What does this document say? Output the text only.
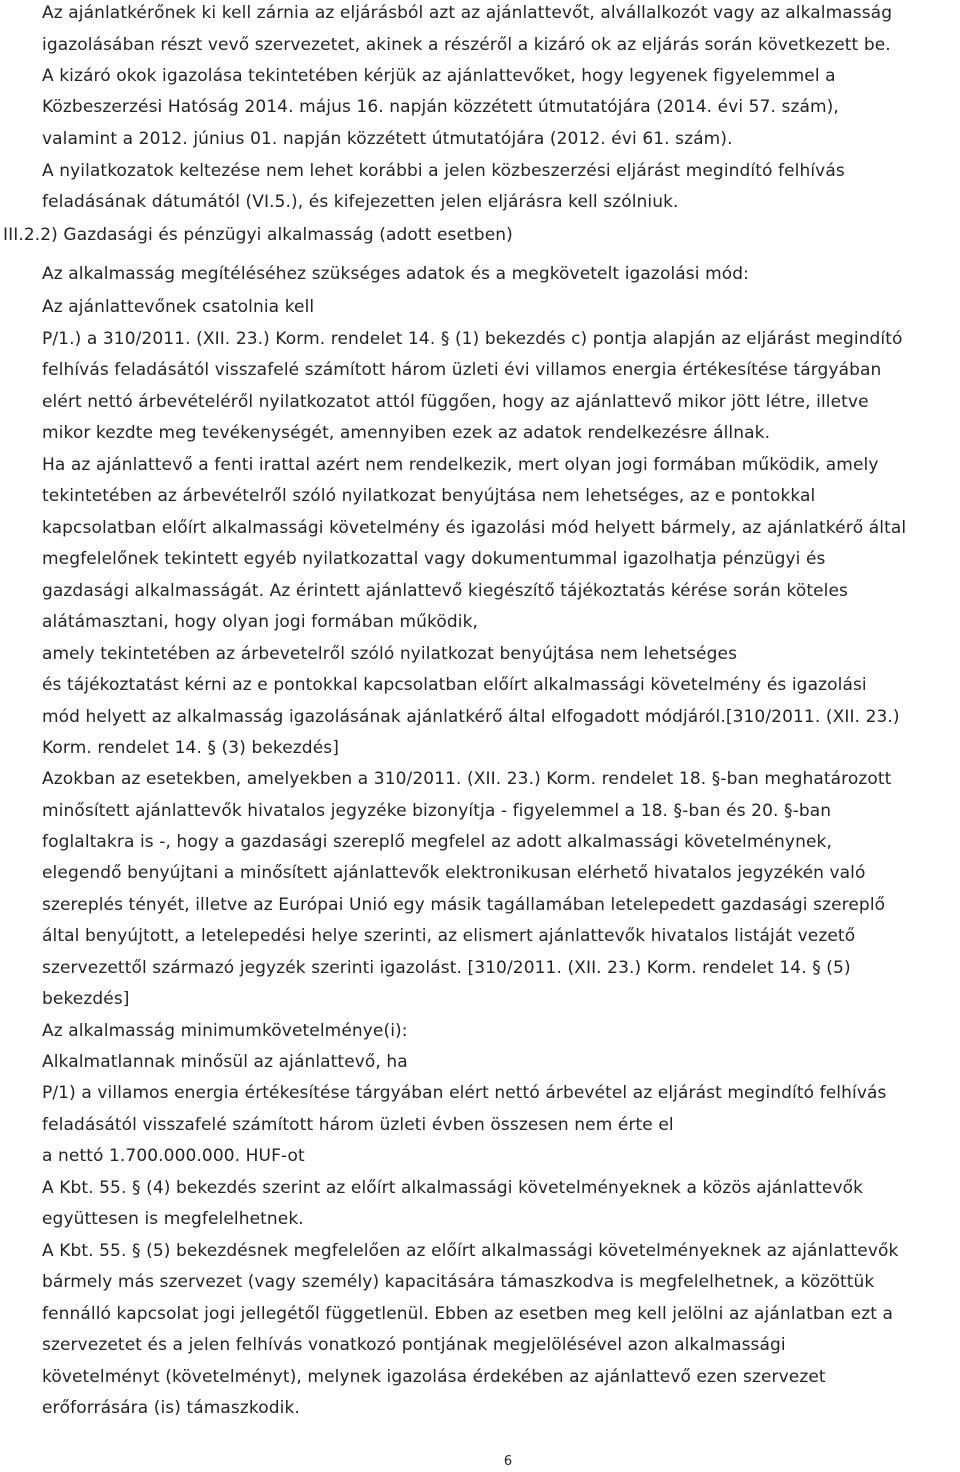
Az ajánlatkérőnek ki kell zárnia az eljárásból azt az ajánlattevőt, alvállalkozót vagy az alkalmasság
igazolásában részt vevő szervezetet, akinek a részéről a kizáró ok az eljárás során következett be.
A kizáró okok igazolása tekintetében kérjük az ajánlattevőket, hogy legyenek figyelemmel a
Közbeszerzési Hatóság 2014. május 16. napján közzétett útmutatójára (2014. évi 57. szám),
valamint a 2012. június 01. napján közzétett útmutatójára (2012. évi 61. szám).
A nyilatkozatok keltezése nem lehet korábbi a jelen közbeszerzési eljárást megindító felhívás
feladásának dátumától (VI.5.), és kifejezetten jelen eljárásra kell szólniuk.
III.2.2) Gazdasági és pénzügyi alkalmasság (adott esetben)
Az alkalmasság megítéléséhez szükséges adatok és a megkövetelt igazolási mód:
Az ajánlattevőnek csatolnia kell
P/1.) a 310/2011. (XII. 23.) Korm. rendelet 14. § (1) bekezdés c) pontja alapján az eljárást megindító
felhívás feladásától visszafelé számított három üzleti évi villamos energia értékesítése tárgyában
elért nettó árbevételéről nyilatkozatot attól függően, hogy az ajánlattevő mikor jött létre, illetve
mikor kezdte meg tevékenységét, amennyiben ezek az adatok rendelkezésre állnak.
Ha az ajánlattevő a fenti irattal azért nem rendelkezik, mert olyan jogi formában működik, amely
tekintetében az árbevételről szóló nyilatkozat benyújtása nem lehetséges, az e pontokkal
kapcsolatban előírt alkalmassági követelmény és igazolási mód helyett bármely, az ajánlatkérő által
megfelelőnek tekintett egyéb nyilatkozattal vagy dokumentummal igazolhatja pénzügyi és
gazdasági alkalmasságát. Az érintett ajánlattevő kiegészítő tájékoztatás kérése során köteles
alátámasztani, hogy olyan jogi formában működik,
amely tekintetében az árbevetelről szóló nyilatkozat benyújtása nem lehetséges
és tájékoztatást kérni az e pontokkal kapcsolatban előírt alkalmassági követelmény és igazolási
mód helyett az alkalmasság igazolásának ajánlatkérő által elfogadott módjáról.[310/2011. (XII. 23.)
Korm. rendelet 14. § (3) bekezdés]
Azokban az esetekben, amelyekben a 310/2011. (XII. 23.) Korm. rendelet 18. §-ban meghatározott
minősített ajánlattevők hivatalos jegyzéke bizonyítja - figyelemmel a 18. §-ban és 20. §-ban
foglaltakra is -, hogy a gazdasági szereplő megfelel az adott alkalmassági követelménynek,
elegendő benyújtani a minősített ajánlattevők elektronikusan elérhető hivatalos jegyzékén való
szereplés tényét, illetve az Európai Unió egy másik tagállamában letelepedett gazdasági szereplő
által benyújtott, a letelepedési helye szerinti, az elismert ajánlattevők hivatalos listáját vezető
szervezettől származó jegyzék szerinti igazolást. [310/2011. (XII. 23.) Korm. rendelet 14. § (5)
bekezdés]
Az alkalmasság minimumkövetelménye(i):
Alkalmatlannak minősül az ajánlattevő, ha
P/1) a villamos energia értékesítése tárgyában elért nettó árbevétel az eljárást megindító felhívás
feladásától visszafelé számított három üzleti évben összesen nem érte el
a nettó 1.700.000.000. HUF-ot
A Kbt. 55. § (4) bekezdés szerint az előírt alkalmassági követelményeknek a közös ajánlattevők
együttesen is megfelelhetnek.
A Kbt. 55. § (5) bekezdésnek megfelelően az előírt alkalmassági követelményeknek az ajánlattevők
bármely más szervezet (vagy személy) kapacitására támaszkodva is megfelelhetnek, a közöttük
fennálló kapcsolat jogi jellegétől függetlenül. Ebben az esetben meg kell jelölni az ajánlatban ezt a
szervezetet és a jelen felhívás vonatkozó pontjának megjelölésével azon alkalmassági
követelményt (követelményt), melynek igazolása érdekében az ajánlattevő ezen szervezet
erőforrására (is) támaszkodik.
6
